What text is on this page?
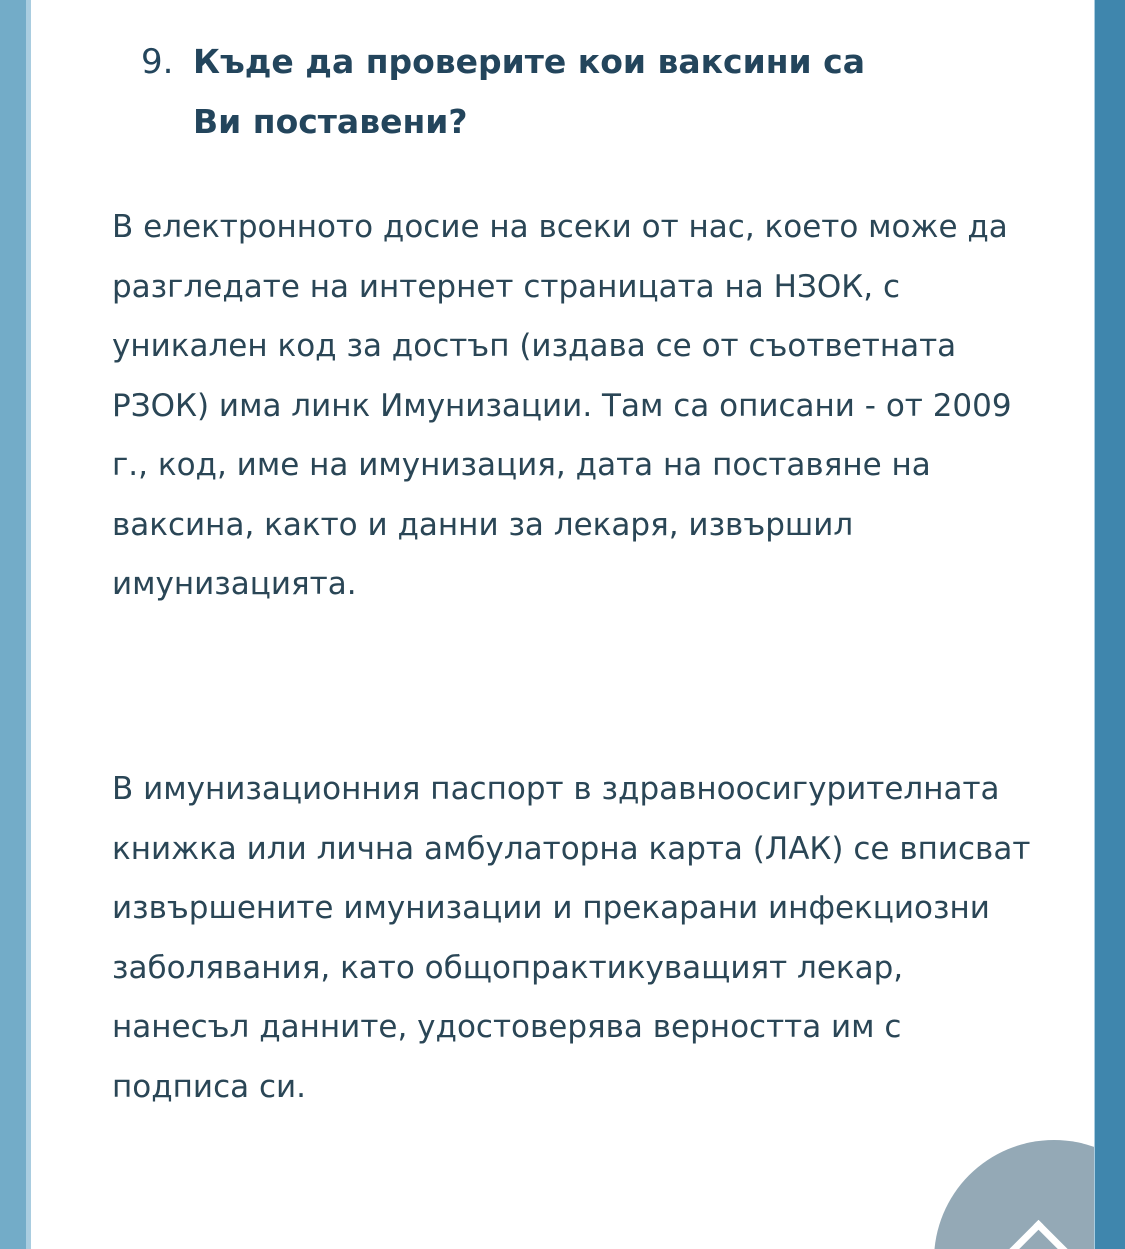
9. Къде да проверите кои ваксини са Ви поставени?

В електронното досие на всеки от нас, което може да разгледате на интернет страницата на НЗОК, с уникален код за достъп (издава се от съответната РЗОК) има линк Имунизации. Там са описани - от 2009 г., код, име на имунизация, дата на поставяне на ваксина, както и данни за лекаря, извършил имунизацията.

В имунизационния паспорт в здравноосигурителната книжка или лична амбулаторна карта (ЛАК) се вписват извършените имунизации и прекарани инфекциозни заболявания, като общопрактикуващият лекар, нанесъл данните, удостоверява верността им с подписа си.
